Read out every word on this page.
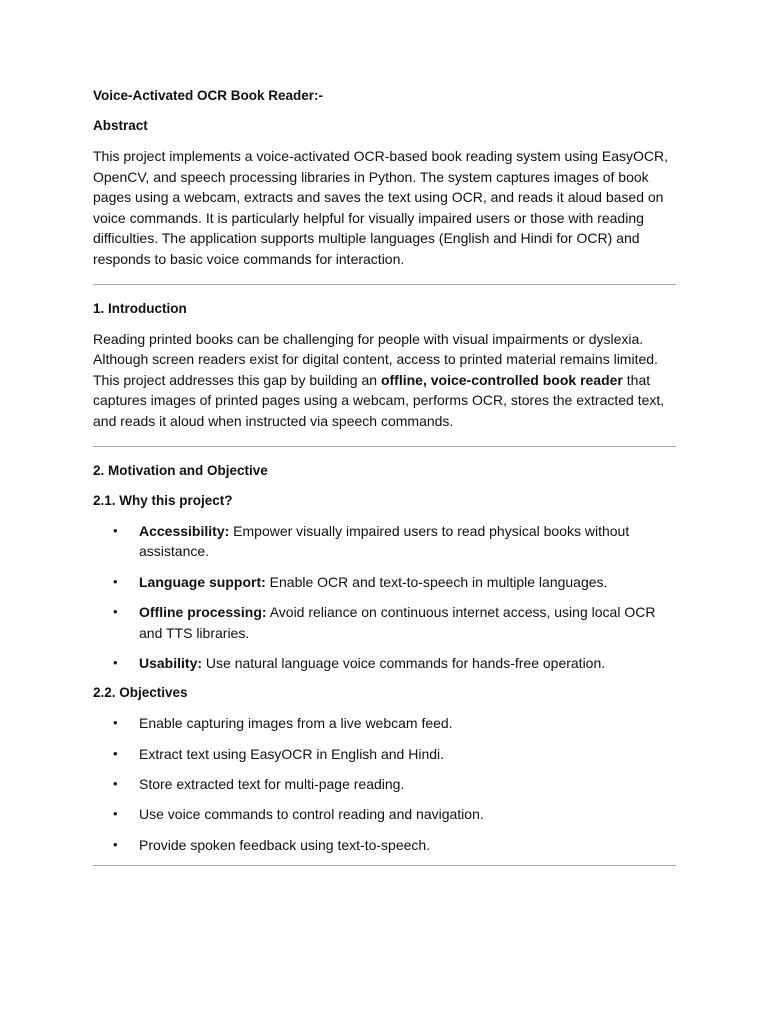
Voice-Activated OCR Book Reader:-
Abstract

This project implements a voice-activated OCR-based book reading system using EasyOCR, OpenCV, and speech processing libraries in Python. The system captures images of book pages using a webcam, extracts and saves the text using OCR, and reads it aloud based on voice commands. It is particularly helpful for visually impaired users or those with reading difficulties. The application supports multiple languages (English and Hindi for OCR) and responds to basic voice commands for interaction.

1. Introduction

Reading printed books can be challenging for people with visual impairments or dyslexia. Although screen readers exist for digital content, access to printed material remains limited. This project addresses this gap by building an offline, voice-controlled book reader that captures images of printed pages using a webcam, performs OCR, stores the extracted text, and reads it aloud when instructed via speech commands.

2. Motivation and Objective
2.1. Why this project?
• Accessibility: Empower visually impaired users to read physical books without assistance.
• Language support: Enable OCR and text-to-speech in multiple languages.
• Offline processing: Avoid reliance on continuous internet access, using local OCR and TTS libraries.
• Usability: Use natural language voice commands for hands-free operation.
2.2. Objectives
• Enable capturing images from a live webcam feed.
• Extract text using EasyOCR in English and Hindi.
• Store extracted text for multi-page reading.
• Use voice commands to control reading and navigation.
• Provide spoken feedback using text-to-speech.
